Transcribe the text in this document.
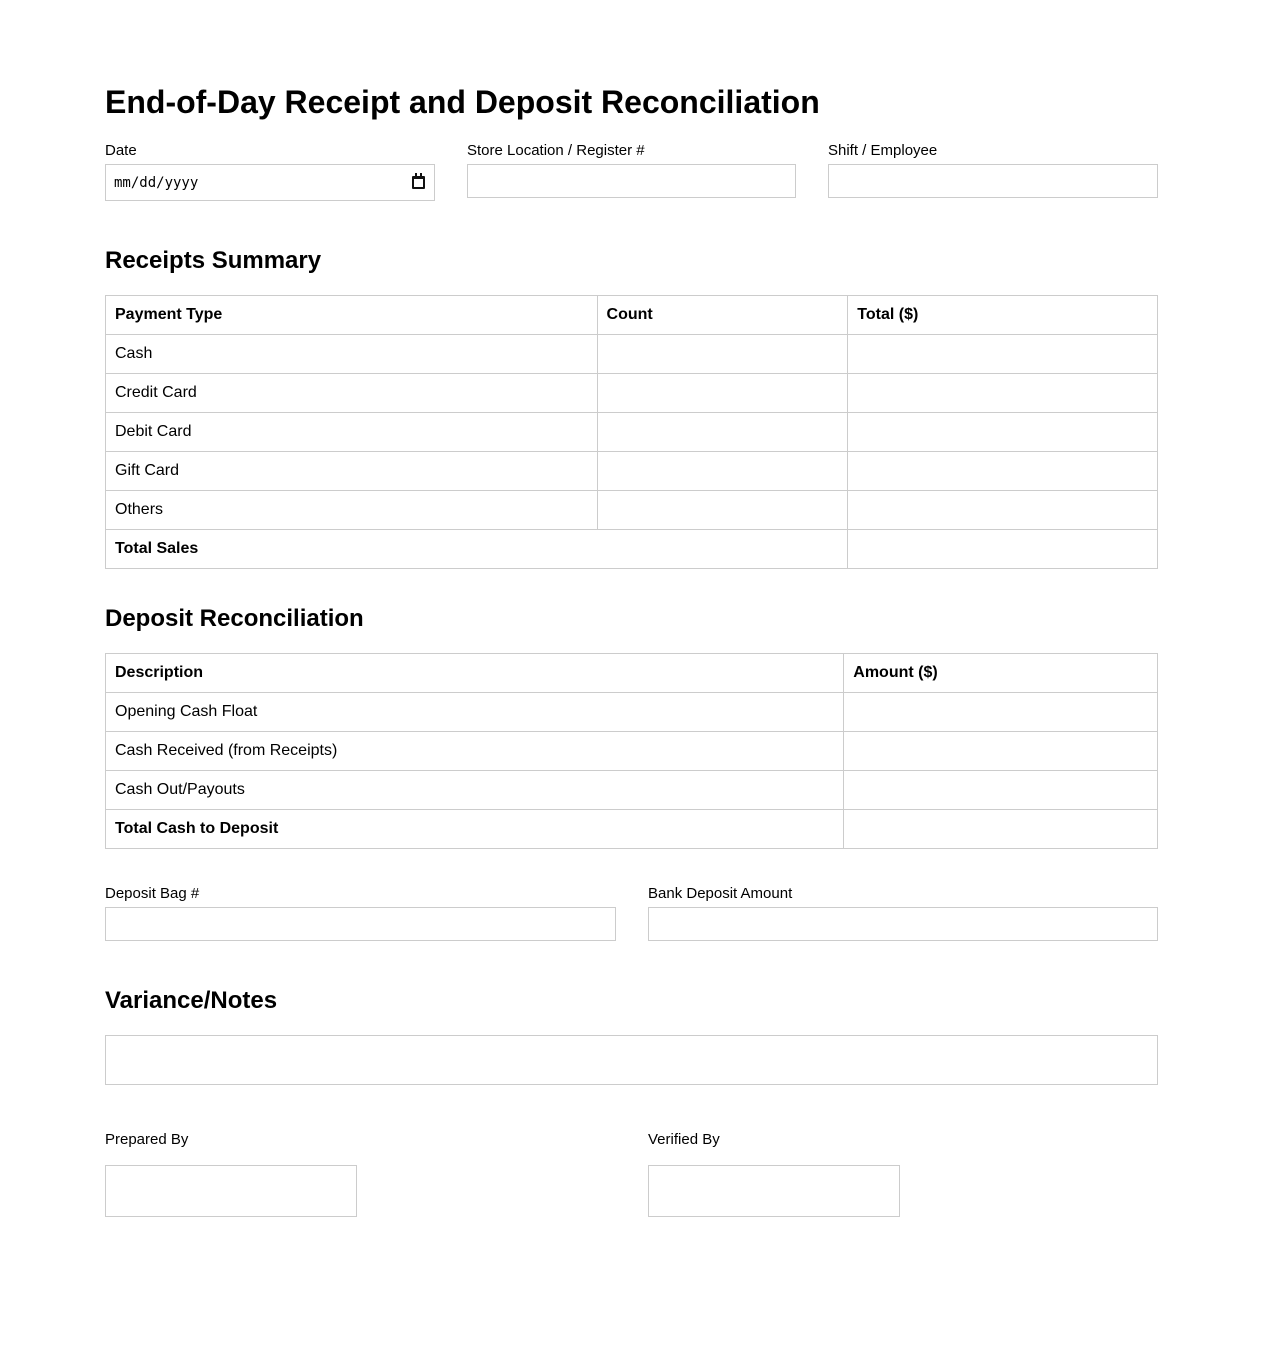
End-of-Day Receipt and Deposit Reconciliation
Date
mm/dd/yyyy
Store Location / Register #	Shift / Employee
Receipts Summary
Payment Type	Count	Total ($)
Cash		
Credit Card		
Debit Card		
Gift Card		
Others		
Total Sales		
Deposit Reconciliation
Description	Amount ($)
Opening Cash Float	
Cash Received (from Receipts)	
Cash Out/Payouts	
Total Cash to Deposit	
Deposit Bag #	Bank Deposit Amount
Variance/Notes
Prepared By	Verified By
